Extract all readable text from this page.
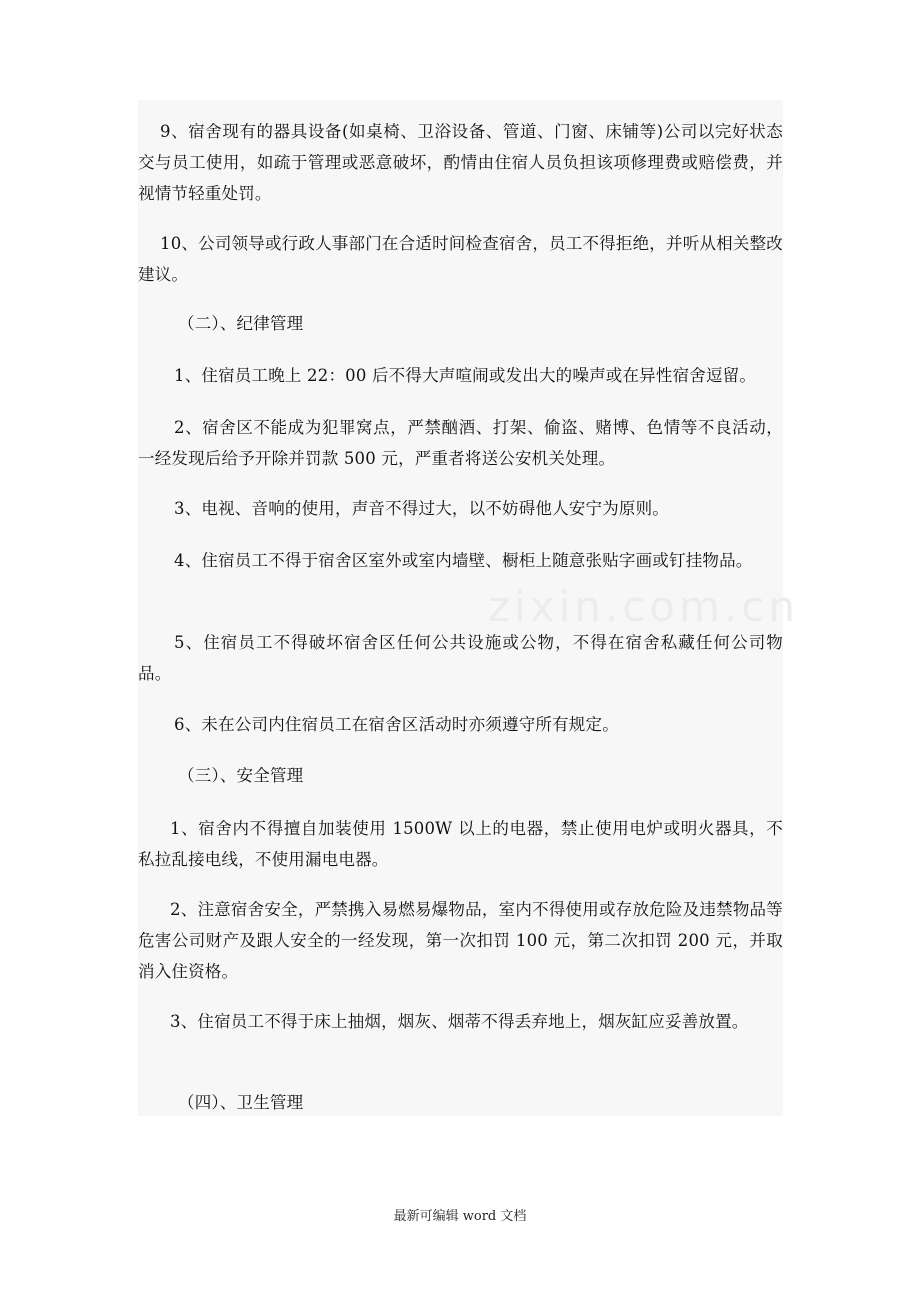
zixin.com.cn

9、宿舍现有的器具设备(如桌椅、卫浴设备、管道、门窗、床铺等)公司以完好状态交与员工使用，如疏于管理或恶意破坏，酌情由住宿人员负担该项修理费或赔偿费，并视情节轻重处罚。

10、公司领导或行政人事部门在合适时间检查宿舍，员工不得拒绝，并听从相关整改建议。

（二）、纪律管理

1、住宿员工晚上 22：00 后不得大声喧闹或发出大的噪声或在异性宿舍逗留。

2、宿舍区不能成为犯罪窝点，严禁酗酒、打架、偷盗、赌博、色情等不良活动，一经发现后给予开除并罚款 500 元，严重者将送公安机关处理。

3、电视、音响的使用，声音不得过大，以不妨碍他人安宁为原则。

4、住宿员工不得于宿舍区室外或室内墙壁、橱柜上随意张贴字画或钉挂物品。

5、住宿员工不得破坏宿舍区任何公共设施或公物，不得在宿舍私藏任何公司物品。

6、未在公司内住宿员工在宿舍区活动时亦须遵守所有规定。

（三）、安全管理

1、宿舍内不得擅自加装使用 1500W 以上的电器，禁止使用电炉或明火器具，不私拉乱接电线，不使用漏电电器。

2、注意宿舍安全，严禁携入易燃易爆物品，室内不得使用或存放危险及违禁物品等危害公司财产及跟人安全的一经发现，第一次扣罚 100 元，第二次扣罚 200 元，并取消入住资格。

3、住宿员工不得于床上抽烟，烟灰、烟蒂不得丢弃地上，烟灰缸应妥善放置。

（四）、卫生管理

最新可编辑 word 文档
